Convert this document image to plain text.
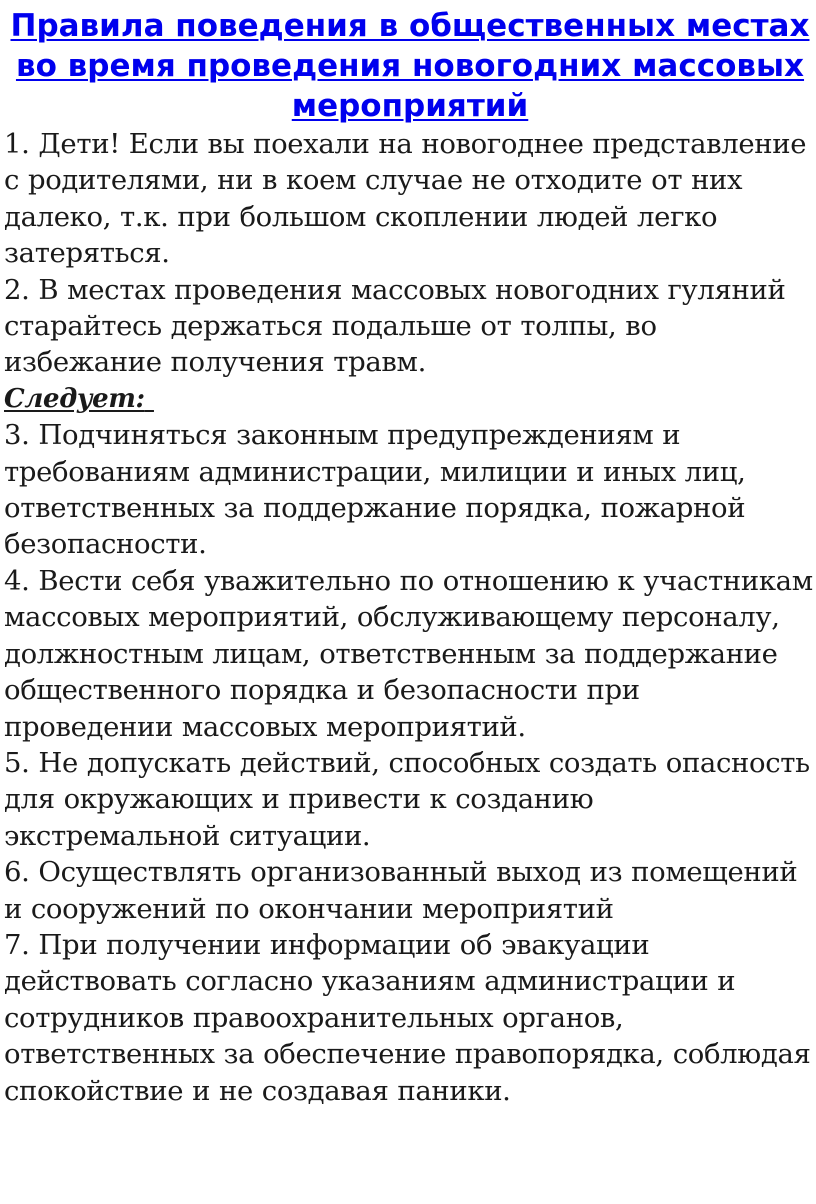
Правила поведения в общественных местах во время проведения новогодних массовых мероприятий

1. Дети! Если вы поехали на новогоднее представление с родителями, ни в коем случае не отходите от них далеко, т.к. при большом скоплении людей легко затеряться.

2. В местах проведения массовых новогодних гуляний старайтесь держаться подальше от толпы, во избежание получения травм.

Следует:

3. Подчиняться законным предупреждениям и требованиям администрации, милиции и иных лиц, ответственных за поддержание порядка, пожарной безопасности.

4. Вести себя уважительно по отношению к участникам массовых мероприятий, обслуживающему персоналу, должностным лицам, ответственным за поддержание общественного порядка и безопасности при проведении массовых мероприятий.

5. Не допускать действий, способных создать опасность для окружающих и привести к созданию экстремальной ситуации.

6. Осуществлять организованный выход из помещений и сооружений по окончании мероприятий

7. При получении информации об эвакуации действовать согласно указаниям администрации и сотрудников правоохранительных органов, ответственных за обеспечение правопорядка, соблюдая спокойствие и не создавая паники.
